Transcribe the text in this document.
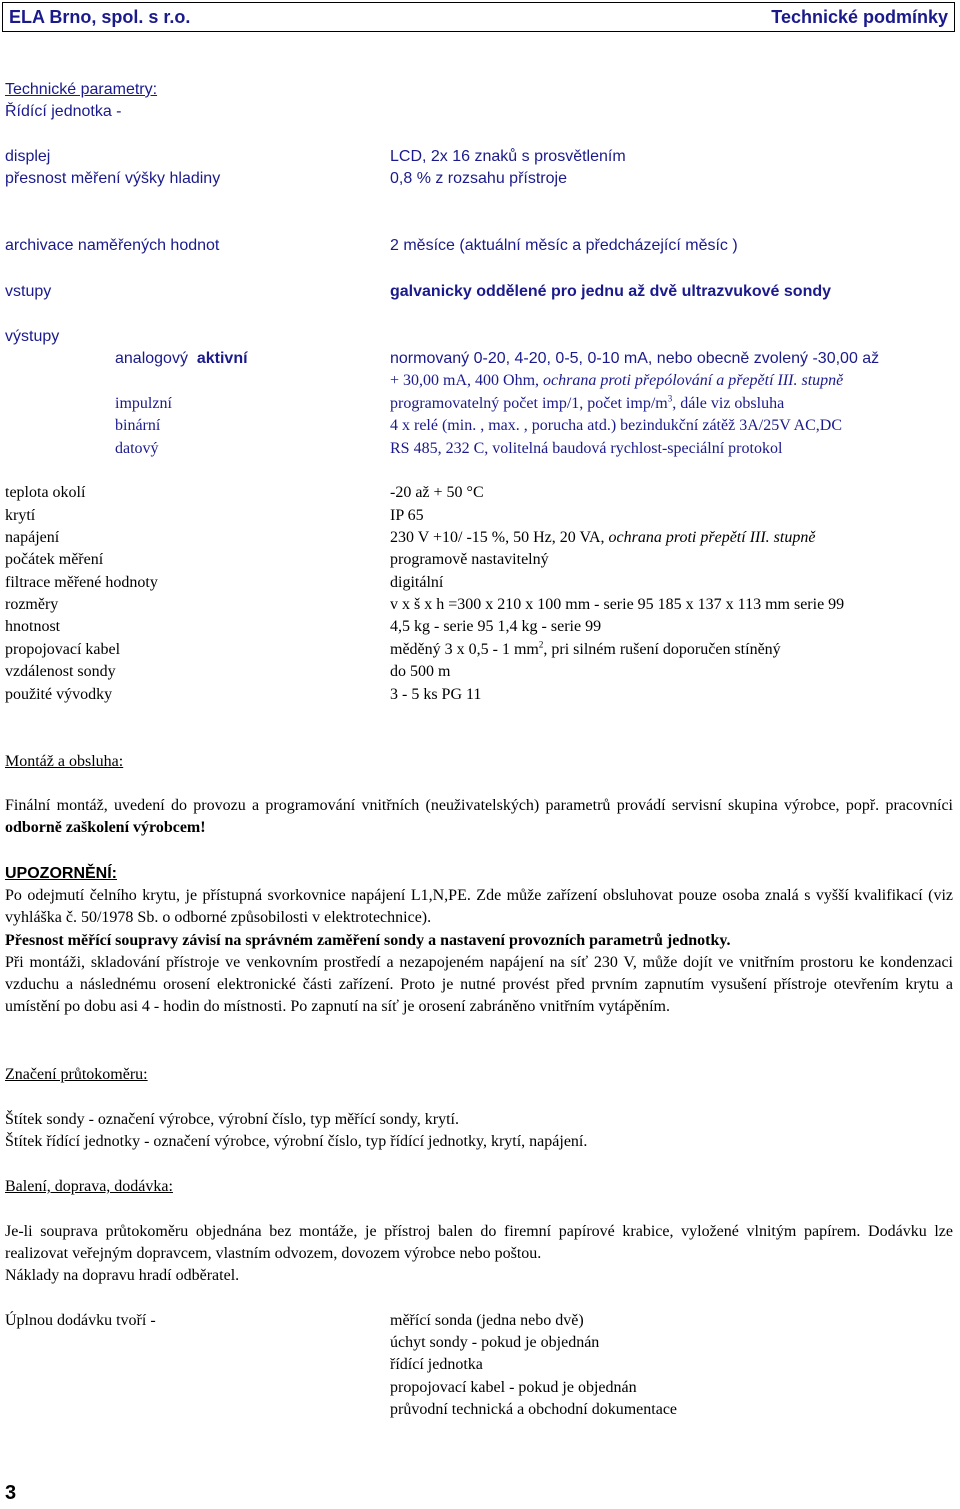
ELA Brno, spol. s r.o.	Technické podmínky
Technické parametry:
Řídící jednotka -
displej	LCD, 2x 16 znaků s prosvětlením
přesnost měření výšky hladiny	0,8 % z rozsahu přístroje
archivace naměřených hodnot	2 měsíce (aktuální měsíc a předcházející měsíc )
vstupy	galvanicky oddělené pro jednu až dvě ultrazvukové sondy
výstupy
analogový aktivní	normovaný 0-20, 4-20, 0-5, 0-10 mA, nebo obecně zvolený -30,00 až
+ 30,00 mA, 400 Ohm, ochrana proti přepólování a přepětí III. stupně
impulzní	programovatelný počet imp/1, počet imp/$m^3$, dále viz obsluha
binární	4 x relé (min. , max. , porucha atd.) bezindukční zátěž 3A/25V AC,DC
datový	RS 485, 232 C, volitelná baudová rychlost-speciální protokol
teplota okolí	-20 až + 50 °C
krytí	IP 65
napájení	230 V +10/ -15 %, 50 Hz, 20 VA, ochrana proti přepětí III. stupně
počátek měření	programově nastavitelný
filtrace měřené hodnoty	digitální
rozměry	v x š x h =300 x 210 x 100 mm - serie 95 185 x 137 x 113 mm serie 99
hnotnost	4,5 kg - serie 95 1,4 kg - serie 99
propojovací kabel	měděný 3 x 0,5 - 1 $mm^2$, pri silném rušení doporučen stíněný
vzdálenost sondy	do 500 m
použité vývodky	3 - 5 ks PG 11
Montáž a obsluha:
Finální montáž, uvedení do provozu a programování vnitřních (neuživatelských) parametrů provádí servisní skupina výrobce, popř. pracovníci odborně zaškolení výrobcem!
UPOZORNĚNÍ:
Po odejmutí čelního krytu, je přístupná svorkovnice napájení L1,N,PE. Zde může zařízení obsluhovat pouze osoba znalá s vyšší kvalifikací (viz vyhláška č. 50/1978 Sb. o odborné způsobilosti v elektrotechnice).
Přesnost měřící soupravy závisí na správném zaměření sondy a nastavení provozních parametrů jednotky.
Při montáži, skladování přístroje ve venkovním prostředí a nezapojeném napájení na síť 230 V, může dojít ve vnitřním prostoru ke kondenzaci vzduchu a následnému orosení elektronické části zařízení. Proto je nutné provést před prvním zapnutím vysušení přístroje otevřením krytu a umístění po dobu asi 4 - hodin do místnosti. Po zapnutí na síť je orosení zabráněno vnitřním vytápěním.
Značení průtokoměru:
Štítek sondy - označení výrobce, výrobní číslo, typ měřící sondy, krytí.
Štítek řídící jednotky - označení výrobce, výrobní číslo, typ řídící jednotky, krytí, napájení.
Balení, doprava, dodávka:
Je-li souprava průtokoměru objednána bez montáže, je přístroj balen do firemní papírové krabice, vyložené vlnitým papírem. Dodávku lze realizovat veřejným dopravcem, vlastním odvozem, dovozem výrobce nebo poštou.
Náklady na dopravu hradí odběratel.
Úplnou dodávku tvoří -	měřící sonda (jedna nebo dvě)
úchyt sondy - pokud je objednán
řídící jednotka
propojovací kabel - pokud je objednán
průvodní technická a obchodní dokumentace
3
